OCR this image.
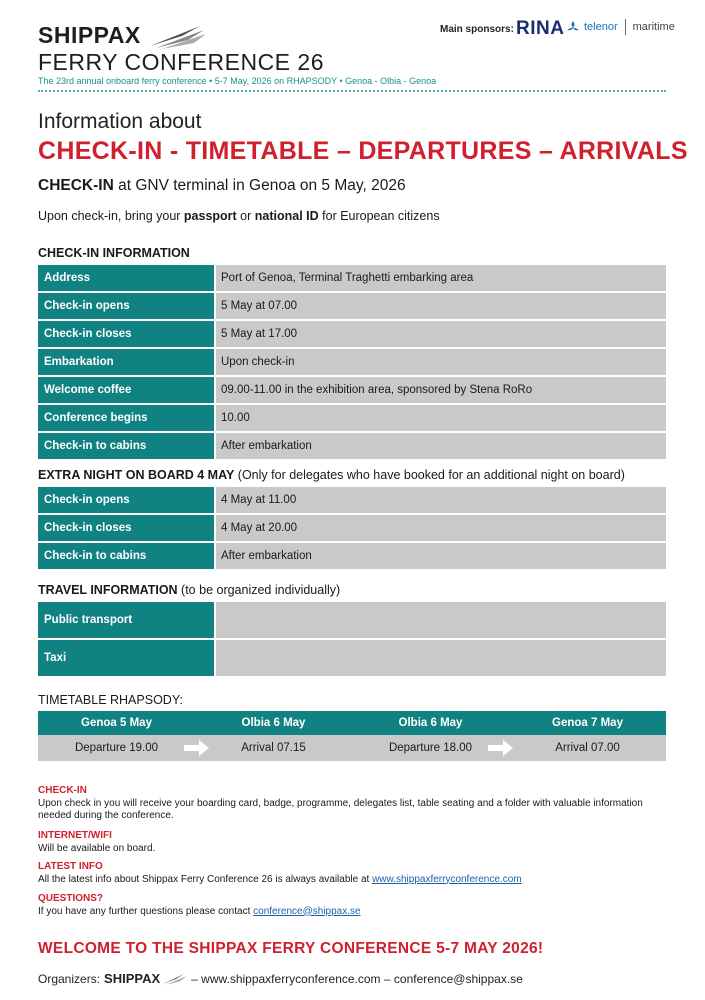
SHIPPAX
FERRY CONFERENCE 26
The 23rd annual onboard ferry conference • 5-7 May, 2026 on RHAPSODY • Genoa - Olbia - Genoa
Main sponsors: RINA telenor maritime
Information about
CHECK-IN - TIMETABLE – DEPARTURES – ARRIVALS
CHECK-IN at GNV terminal in Genoa on 5 May, 2026
Upon check-in, bring your passport or national ID for European citizens
CHECK-IN INFORMATION
Address	Port of Genoa, Terminal Traghetti embarking area
Check-in opens	5 May at 07.00
Check-in closes	5 May at 17.00
Embarkation	Upon check-in
Welcome coffee	09.00-11.00 in the exhibition area, sponsored by Stena RoRo
Conference begins	10.00
Check-in to cabins	After embarkation
EXTRA NIGHT ON BOARD 4 MAY (Only for delegates who have booked for an additional night on board)
Check-in opens	4 May at 11.00
Check-in closes	4 May at 20.00
Check-in to cabins	After embarkation
TRAVEL INFORMATION (to be organized individually)
Public transport
Taxi
TIMETABLE RHAPSODY:
Genoa 5 May	Olbia 6 May	Olbia 6 May	Genoa 7 May
Departure 19.00	Arrival 07.15	Departure 18.00	Arrival 07.00
CHECK-IN
Upon check in you will receive your boarding card, badge, programme, delegates list, table seating and a folder with valuable information needed during the conference.
INTERNET/WIFI
Will be available on board.
LATEST INFO
All the latest info about Shippax Ferry Conference 26 is always available at www.shippaxferryconference.com
QUESTIONS?
If you have any further questions please contact conference@shippax.se
WELCOME TO THE SHIPPAX FERRY CONFERENCE 5-7 MAY 2026!
Organizers: SHIPPAX	– www.shippaxferryconference.com – conference@shippax.se
